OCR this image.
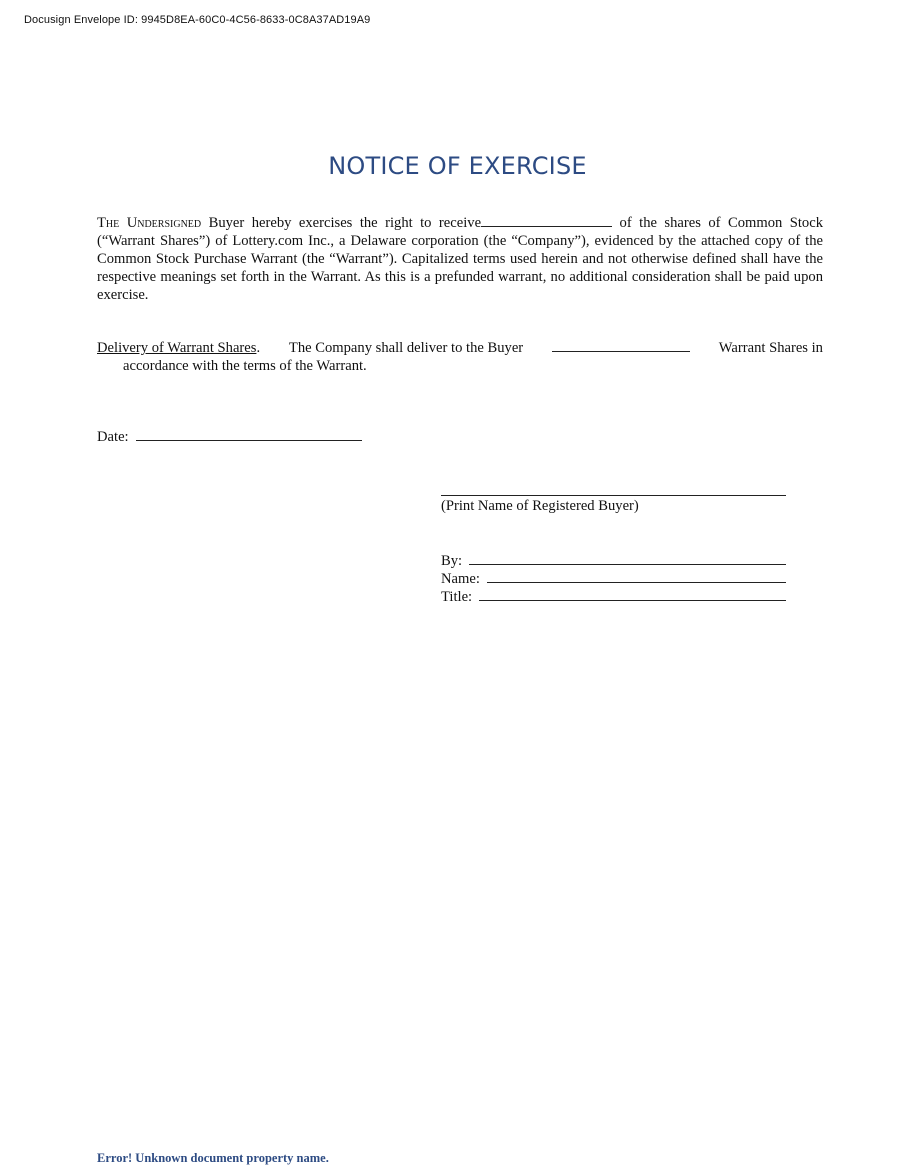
Docusign Envelope ID: 9945D8EA-60C0-4C56-8633-0C8A37AD19A9
NOTICE OF EXERCISE
The Undersigned Buyer hereby exercises the right to receive	of the shares of Common Stock (“Warrant Shares”) of Lottery.com Inc., a Delaware corporation (the “Company”), evidenced by the attached copy of the Common Stock Purchase Warrant (the “Warrant”). Capitalized terms used herein and not otherwise defined shall have the respective meanings set forth in the Warrant. As this is a prefunded warrant, no additional consideration shall be paid upon exercise.
Delivery of Warrant Shares. The Company shall deliver to the Buyer	Warrant Shares in
accordance with the terms of the Warrant.
Date:
(Print Name of Registered Buyer)
By:
Name:
Title:
Error! Unknown document property name.
